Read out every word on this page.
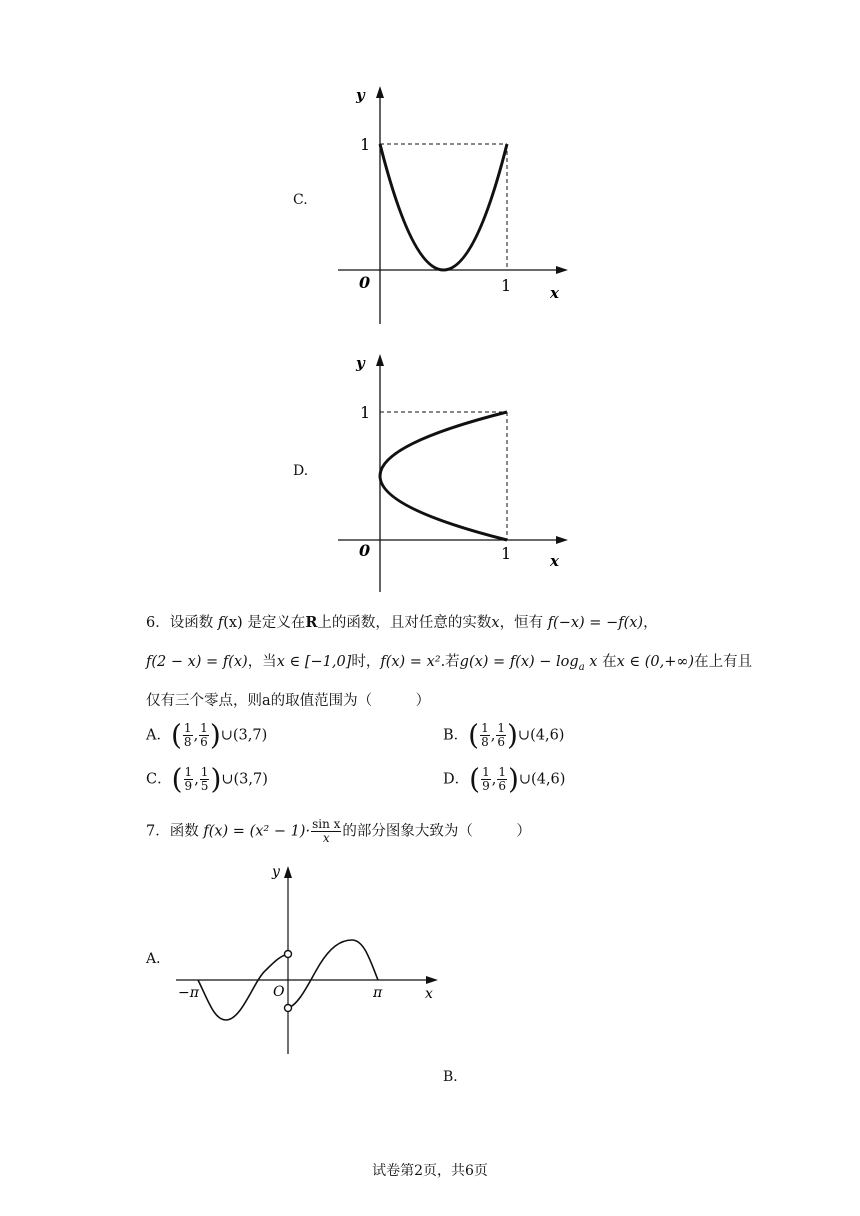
C.
y
x
0
1
1
D.
y
x
0
1
1
6．设函数 f(x) 是定义在R上的函数，且对任意的实数x，恒有 f(−x) = −f(x)，
f(2 − x) = f(x)，当x ∈ [−1,0]时，f(x) = x².若$g(x) = f(x) - \log_a x$ 在x ∈ (0,+∞)在上有且
仅有三个零点，则a的取值范围为（　　　）
A．( $\frac{1}{8}$ , $\frac{1}{6}$ )∪(3,7)	B．( $\frac{1}{8}$ , $\frac{1}{6}$ )∪(4,6)
C．( $\frac{1}{9}$ , $\frac{1}{5}$ )∪(3,7)	D．( $\frac{1}{9}$ , $\frac{1}{6}$ )∪(4,6)
7．函数 $f(x) = (x^2 - 1)\cdot \frac{\text{sin x}}{x}$ 的部分图象大致为（　　　）
A．
y
x
O
−π	π
B．
试卷第2页，共6页
